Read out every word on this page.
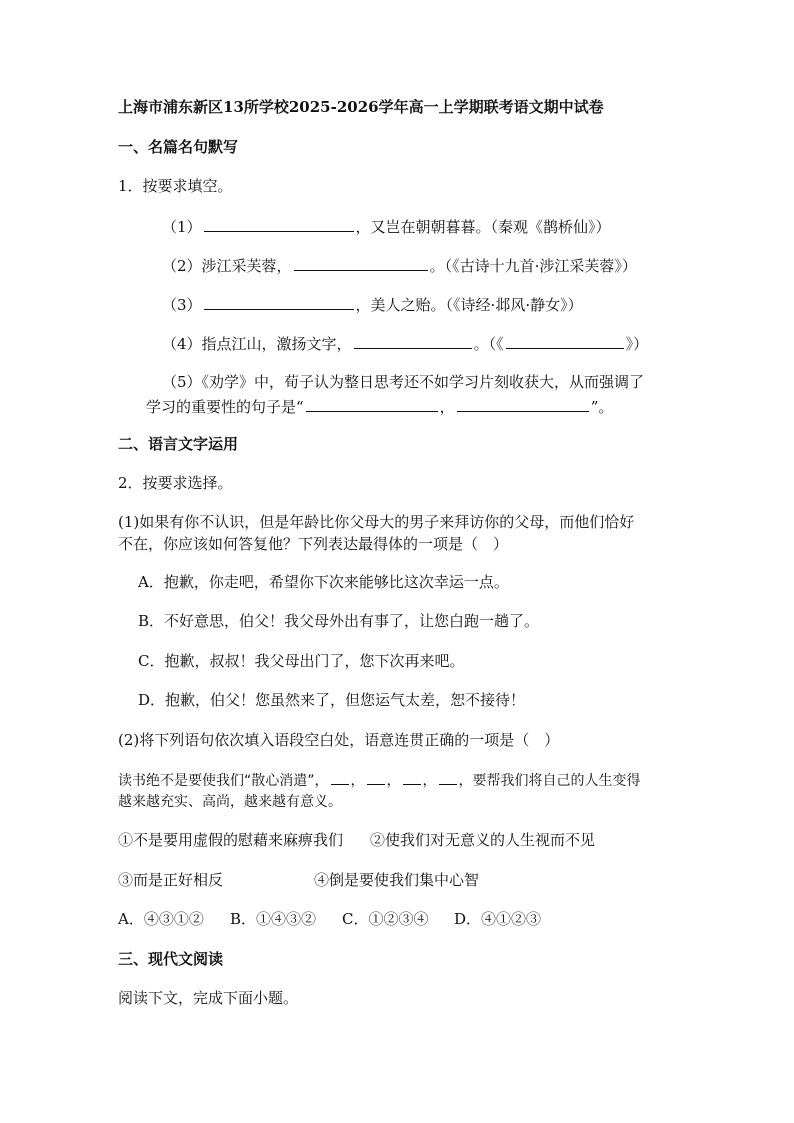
上海市浦东新区13所学校2025-2026学年高一上学期联考语文期中试卷
一、名篇名句默写
1．按要求填空。
（1）	，又岂在朝朝暮暮。（秦观《鹊桥仙》）
（2）涉江采芙蓉，	。（《古诗十九首·涉江采芙蓉》）
（3）	，美人之贻。（《诗经·邶风·静女》）
（4）指点江山，激扬文字，	。（《	》）
（5）《劝学》中，荀子认为整日思考还不如学习片刻收获大，从而强调了
学习的重要性的句子是“	，	”。
二、语言文字运用
2．按要求选择。
(1)如果有你不认识，但是年龄比你父母大的男子来拜访你的父母，而他们恰好
不在，你应该如何答复他？下列表达最得体的一项是（　）
A．抱歉，你走吧，希望你下次来能够比这次幸运一点。
B．不好意思，伯父！我父母外出有事了，让您白跑一趟了。
C．抱歉，叔叔！我父母出门了，您下次再来吧。
D．抱歉，伯父！您虽然来了，但您运气太差，恕不接待！
(2)将下列语句依次填入语段空白处，语意连贯正确的一项是（　）
读书绝不是要使我们“散心消遣”， ， ， ， ，要帮我们将自己的人生变得
越来越充实、高尚，越来越有意义。
①不是要用虚假的慰藉来麻痹我们 ②使我们对无意义的人生视而不见
③而是正好相反	④倒是要使我们集中心智
A．④③①② B．①④③② C．①②③④ D．④①②③
三、现代文阅读
阅读下文，完成下面小题。
